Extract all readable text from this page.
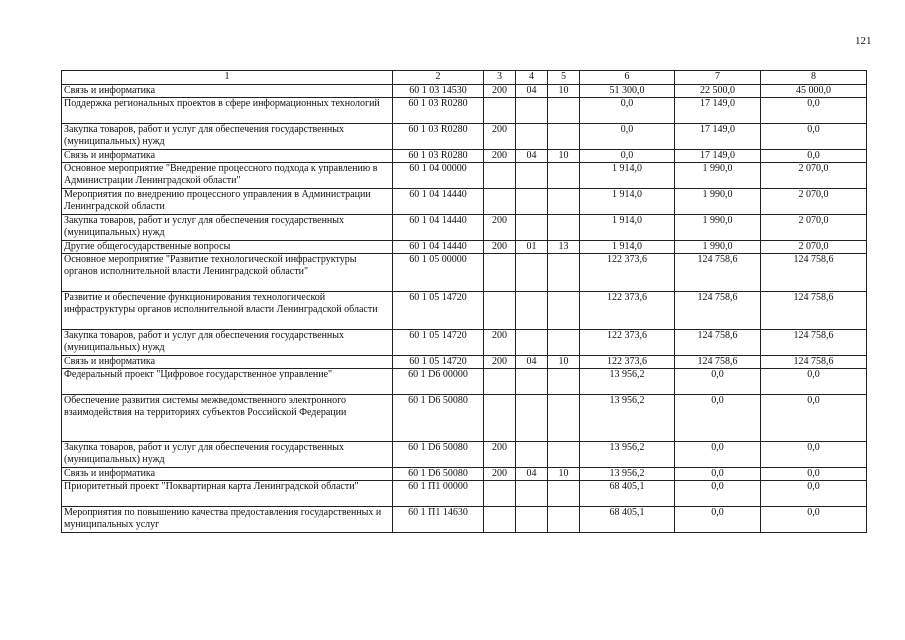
121
1	2	3	4	5	6	7	8
Связь и информатика	60 1 03 14530	200	04	10	51 300,0	22 500,0	45 000,0
Поддержка региональных проектов в сфере информационных технологий	60 1 03 R0280				0,0	17 149,0	0,0
Закупка товаров, работ и услуг для обеспечения государственных (муниципальных) нужд	60 1 03 R0280	200			0,0	17 149,0	0,0
Связь и информатика	60 1 03 R0280	200	04	10	0,0	17 149,0	0,0
Основное мероприятие "Внедрение процессного подхода к управлению в Администрации Ленинградской области"	60 1 04 00000				1 914,0	1 990,0	2 070,0
Мероприятия по внедрению процессного управления в Администрации Ленинградской области	60 1 04 14440				1 914,0	1 990,0	2 070,0
Закупка товаров, работ и услуг для обеспечения государственных (муниципальных) нужд	60 1 04 14440	200			1 914,0	1 990,0	2 070,0
Другие общегосударственные вопросы	60 1 04 14440	200	01	13	1 914,0	1 990,0	2 070,0
Основное мероприятие "Развитие технологической инфраструктуры органов исполнительной власти Ленинградской области"	60 1 05 00000				122 373,6	124 758,6	124 758,6
Развитие и обеспечение функционирования технологической инфраструктуры органов исполнительной власти Ленинградской области	60 1 05 14720				122 373,6	124 758,6	124 758,6
Закупка товаров, работ и услуг для обеспечения государственных (муниципальных) нужд	60 1 05 14720	200			122 373,6	124 758,6	124 758,6
Связь и информатика	60 1 05 14720	200	04	10	122 373,6	124 758,6	124 758,6
Федеральный проект "Цифровое государственное управление"	60 1 D6 00000				13 956,2	0,0	0,0
Обеспечение развития системы межведомственного электронного взаимодействия на территориях субъектов Российской Федерации	60 1 D6 50080				13 956,2	0,0	0,0
Закупка товаров, работ и услуг для обеспечения государственных (муниципальных) нужд	60 1 D6 50080	200			13 956,2	0,0	0,0
Связь и информатика	60 1 D6 50080	200	04	10	13 956,2	0,0	0,0
Приоритетный проект "Поквартирная карта Ленинградской области"	60 1 П1 00000				68 405,1	0,0	0,0
Мероприятия по повышению качества предоставления государственных и муниципальных услуг	60 1 П1 14630				68 405,1	0,0	0,0
